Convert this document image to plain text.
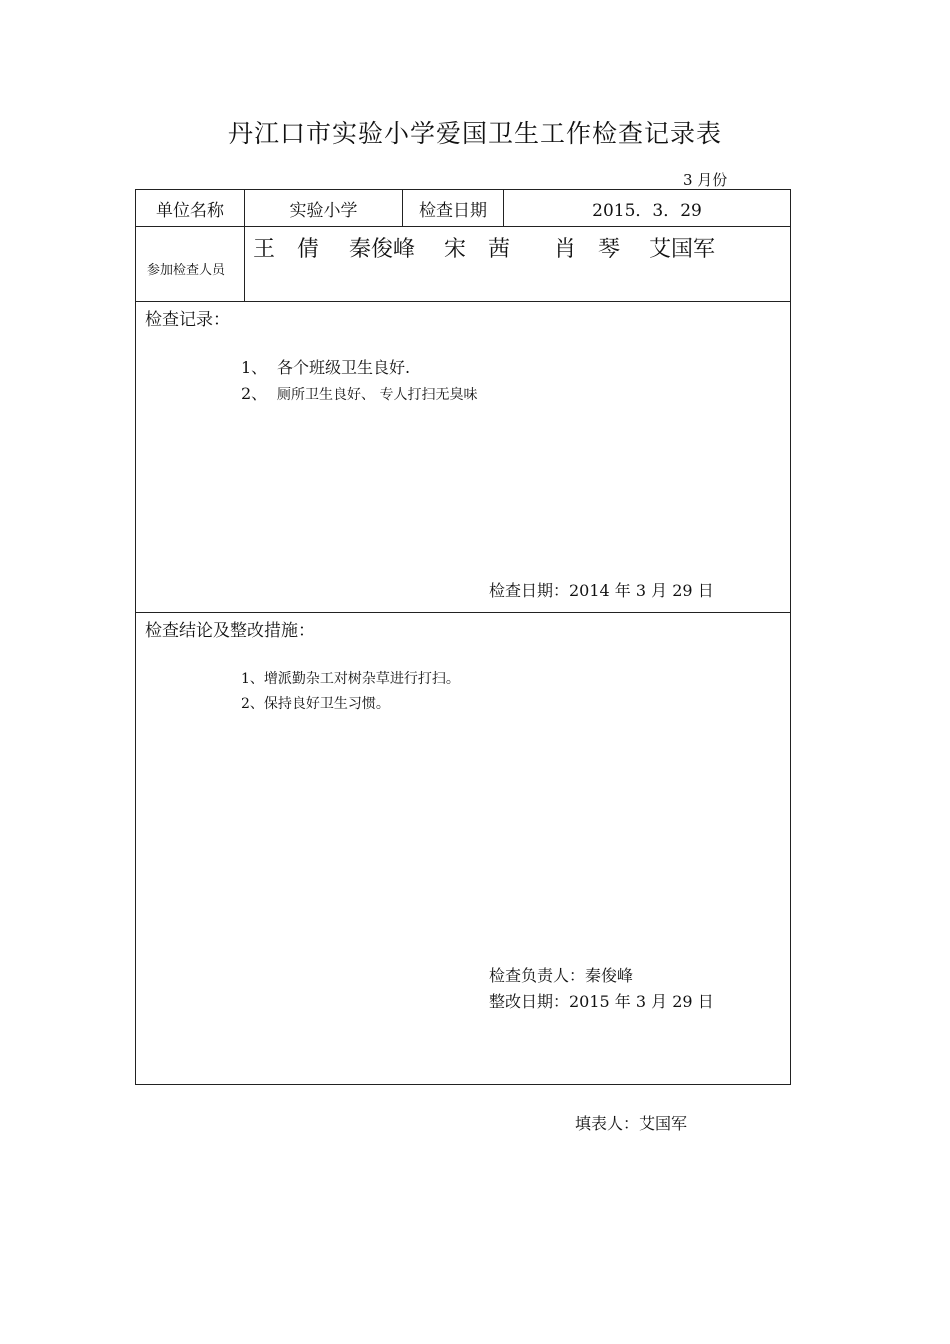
丹江口市实验小学爱国卫生工作检查记录表
3 月份
单位名称	实验小学	检查日期	2015．3．29
参加检查人员
王　倩 秦俊峰 宋　茜 肖　琴 艾国军
检查记录：
1、 各个班级卫生良好.
2、 厕所卫生良好、 专人打扫无臭味
检查日期：2014 年 3 月 29 日
检查结论及整改措施：
1、增派勤杂工对树杂草进行打扫。
2、保持良好卫生习惯。
检查负责人：秦俊峰
整改日期：2015 年 3 月 29 日
填表人：艾国军
